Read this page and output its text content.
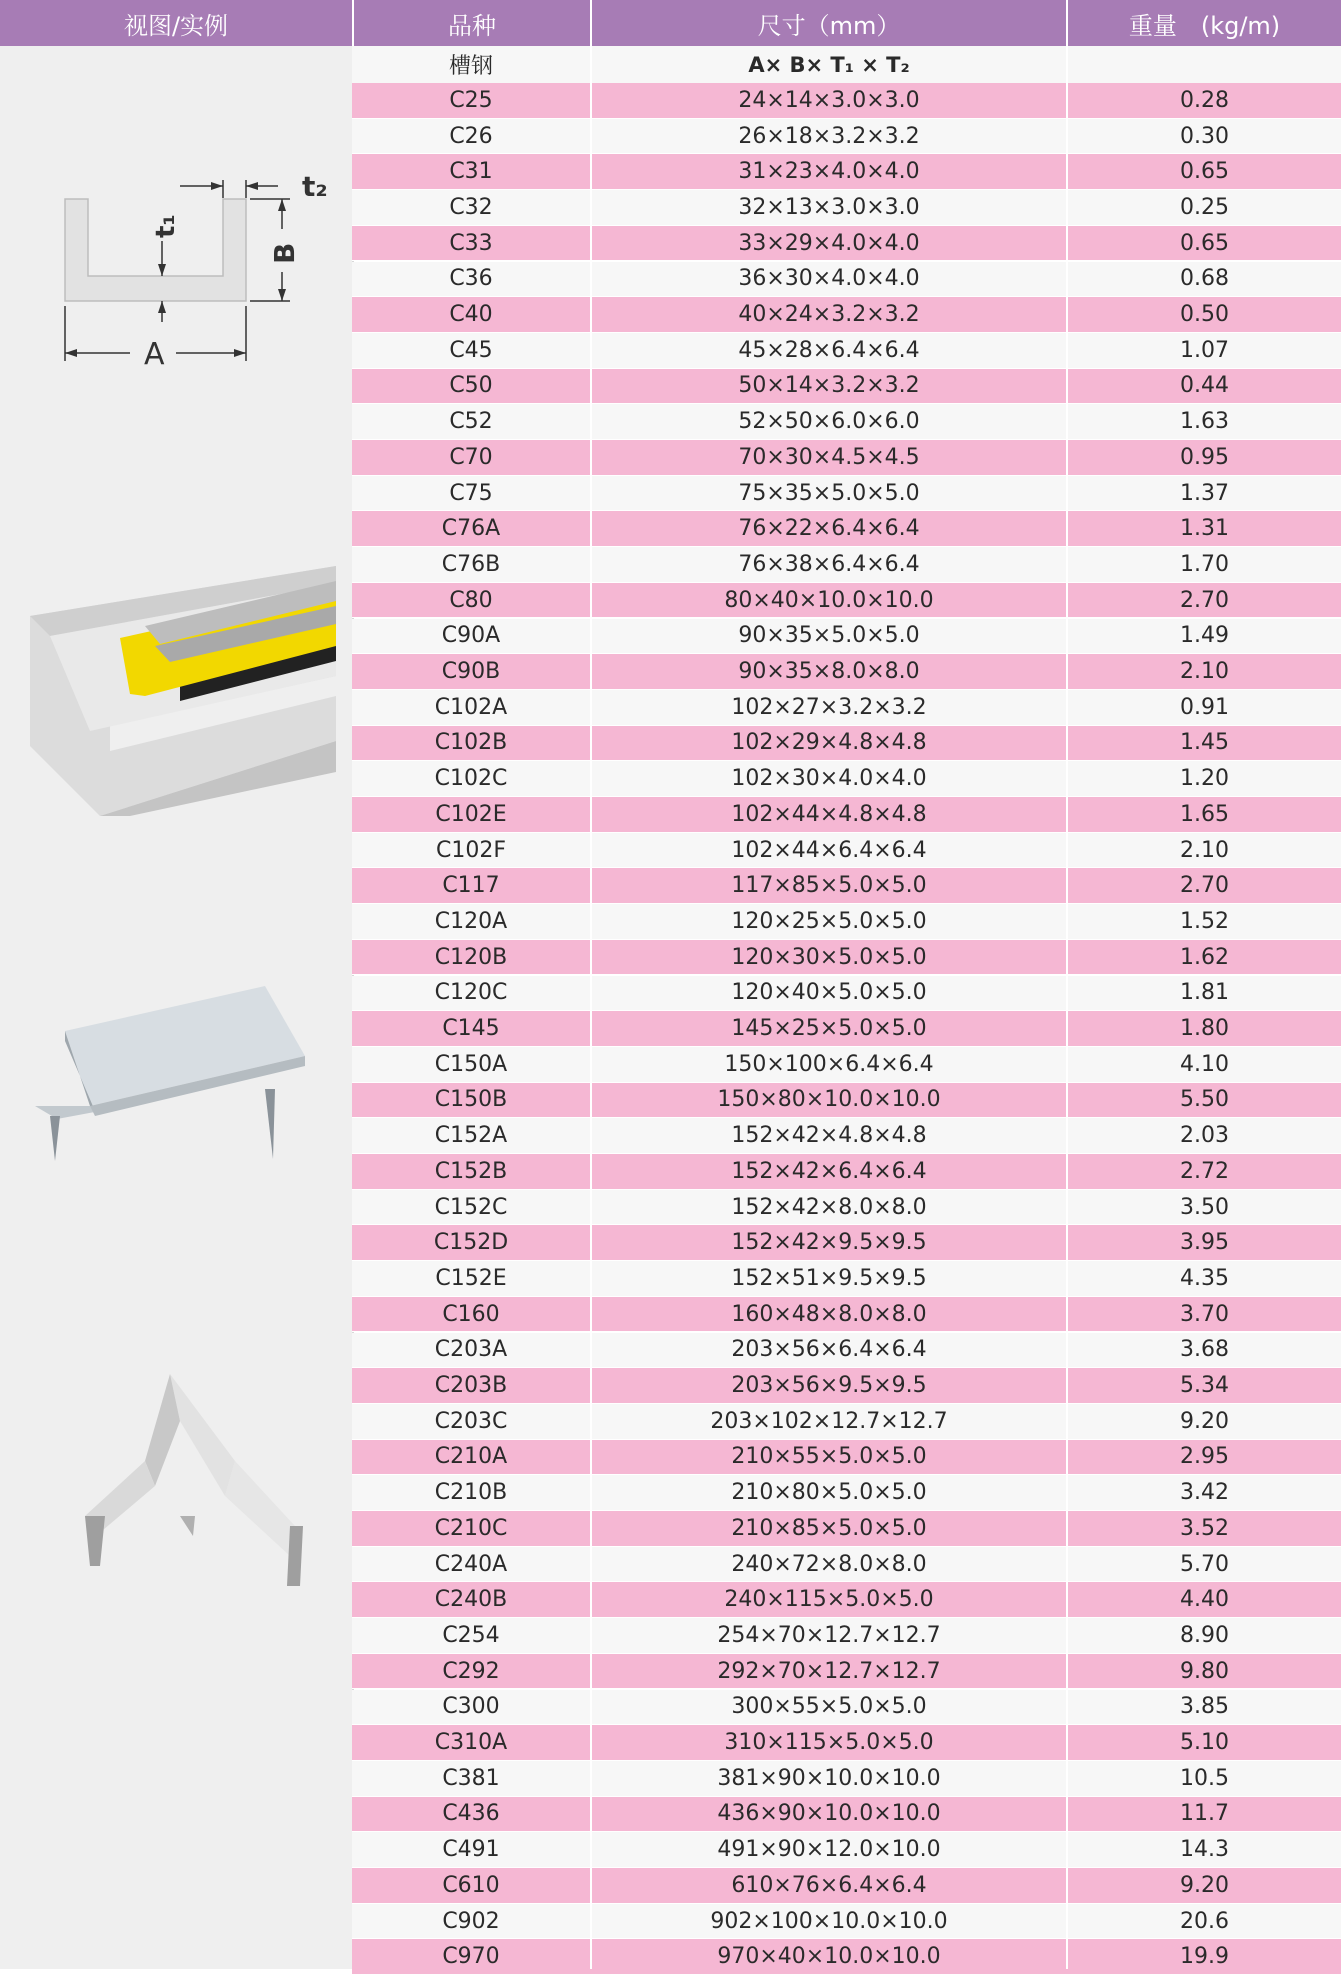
视图/实例	品种	尺寸（mm）	重量　(kg/m)
t₂
t₁
B
A
槽钢	A× B× T₁ × T₂
C25	24×14×3.0×3.0	0.28
C26	26×18×3.2×3.2	0.30
C31	31×23×4.0×4.0	0.65
C32	32×13×3.0×3.0	0.25
C33	33×29×4.0×4.0	0.65
C36	36×30×4.0×4.0	0.68
C40	40×24×3.2×3.2	0.50
C45	45×28×6.4×6.4	1.07
C50	50×14×3.2×3.2	0.44
C52	52×50×6.0×6.0	1.63
C70	70×30×4.5×4.5	0.95
C75	75×35×5.0×5.0	1.37
C76A	76×22×6.4×6.4	1.31
C76B	76×38×6.4×6.4	1.70
C80	80×40×10.0×10.0	2.70
C90A	90×35×5.0×5.0	1.49
C90B	90×35×8.0×8.0	2.10
C102A	102×27×3.2×3.2	0.91
C102B	102×29×4.8×4.8	1.45
C102C	102×30×4.0×4.0	1.20
C102E	102×44×4.8×4.8	1.65
C102F	102×44×6.4×6.4	2.10
C117	117×85×5.0×5.0	2.70
C120A	120×25×5.0×5.0	1.52
C120B	120×30×5.0×5.0	1.62
C120C	120×40×5.0×5.0	1.81
C145	145×25×5.0×5.0	1.80
C150A	150×100×6.4×6.4	4.10
C150B	150×80×10.0×10.0	5.50
C152A	152×42×4.8×4.8	2.03
C152B	152×42×6.4×6.4	2.72
C152C	152×42×8.0×8.0	3.50
C152D	152×42×9.5×9.5	3.95
C152E	152×51×9.5×9.5	4.35
C160	160×48×8.0×8.0	3.70
C203A	203×56×6.4×6.4	3.68
C203B	203×56×9.5×9.5	5.34
C203C	203×102×12.7×12.7	9.20
C210A	210×55×5.0×5.0	2.95
C210B	210×80×5.0×5.0	3.42
C210C	210×85×5.0×5.0	3.52
C240A	240×72×8.0×8.0	5.70
C240B	240×115×5.0×5.0	4.40
C254	254×70×12.7×12.7	8.90
C292	292×70×12.7×12.7	9.80
C300	300×55×5.0×5.0	3.85
C310A	310×115×5.0×5.0	5.10
C381	381×90×10.0×10.0	10.5
C436	436×90×10.0×10.0	11.7
C491	491×90×12.0×10.0	14.3
C610	610×76×6.4×6.4	9.20
C902	902×100×10.0×10.0	20.6
C970	970×40×10.0×10.0	19.9
